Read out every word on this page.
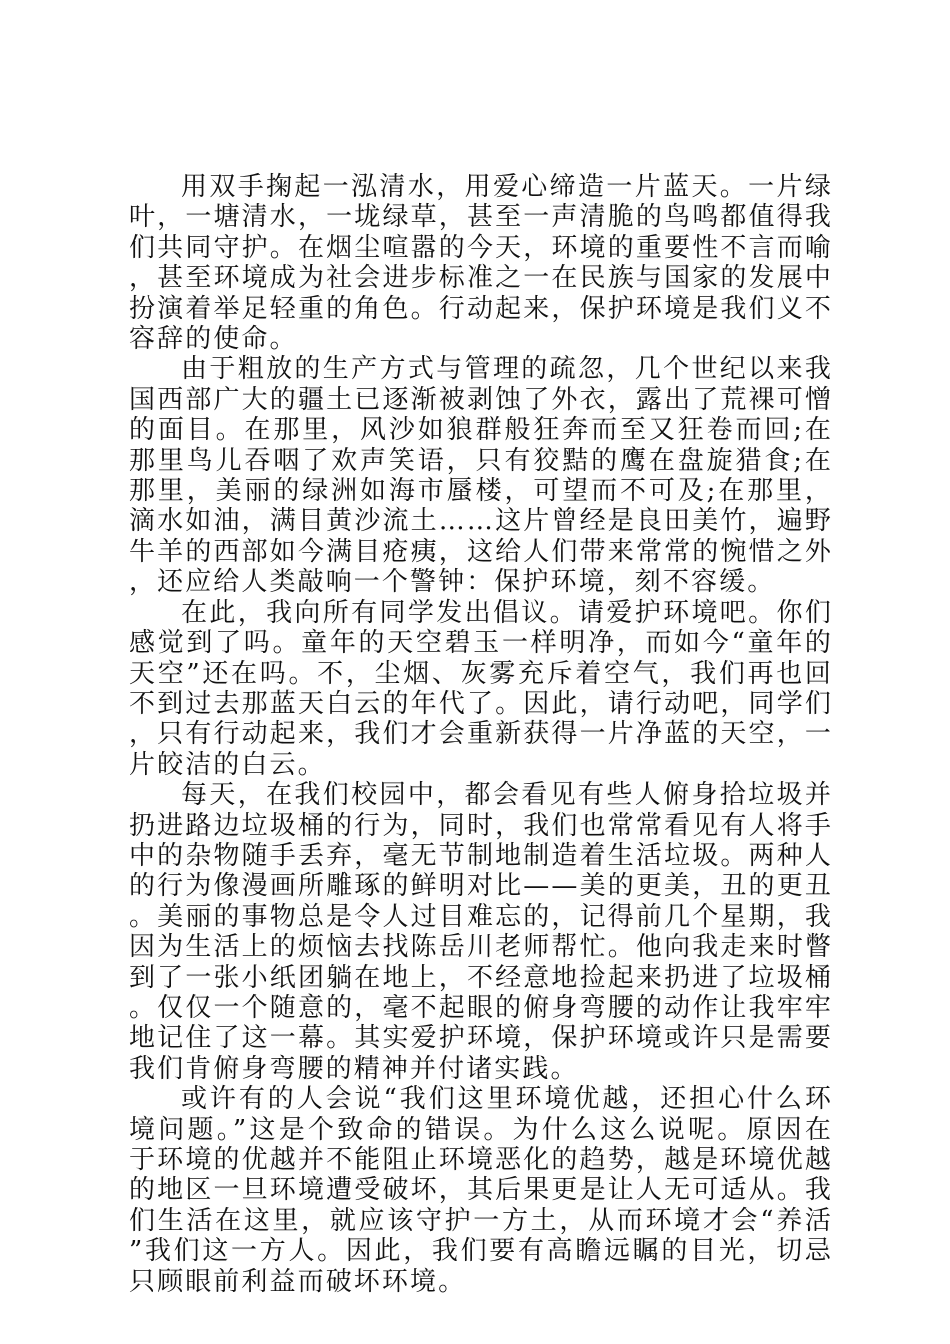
用双手掬起一泓清水，用爱心缔造一片蓝天。一片绿叶，一塘清水，一垅绿草，甚至一声清脆的鸟鸣都值得我们共同守护。在烟尘喧嚣的今天，环境的重要性不言而喻，甚至环境成为社会进步标准之一在民族与国家的发展中扮演着举足轻重的角色。行动起来，保护环境是我们义不容辞的使命。

由于粗放的生产方式与管理的疏忽，几个世纪以来我国西部广大的疆土已逐渐被剥蚀了外衣，露出了荒裸可憎的面目。在那里，风沙如狼群般狂奔而至又狂卷而回;在那里鸟儿吞咽了欢声笑语，只有狡黠的鹰在盘旋猎食;在那里，美丽的绿洲如海市蜃楼，可望而不可及;在那里，滴水如油，满目黄沙流土……这片曾经是良田美竹，遍野牛羊的西部如今满目疮痍，这给人们带来常常的惋惜之外，还应给人类敲响一个警钟：保护环境，刻不容缓。

在此，我向所有同学发出倡议。请爱护环境吧。你们感觉到了吗。童年的天空碧玉一样明净，而如今“童年的天空”还在吗。不，尘烟、灰雾充斥着空气，我们再也回不到过去那蓝天白云的年代了。因此，请行动吧，同学们，只有行动起来，我们才会重新获得一片净蓝的天空，一片皎洁的白云。

每天，在我们校园中，都会看见有些人俯身拾垃圾并扔进路边垃圾桶的行为，同时，我们也常常看见有人将手中的杂物随手丢弃，毫无节制地制造着生活垃圾。两种人的行为像漫画所雕琢的鲜明对比——美的更美，丑的更丑。美丽的事物总是令人过目难忘的，记得前几个星期，我因为生活上的烦恼去找陈岳川老师帮忙。他向我走来时瞥到了一张小纸团躺在地上，不经意地捡起来扔进了垃圾桶。仅仅一个随意的，毫不起眼的俯身弯腰的动作让我牢牢地记住了这一幕。其实爱护环境，保护环境或许只是需要我们肯俯身弯腰的精神并付诸实践。

或许有的人会说“我们这里环境优越，还担心什么环境问题。”这是个致命的错误。为什么这么说呢。原因在于环境的优越并不能阻止环境恶化的趋势，越是环境优越的地区一旦环境遭受破坏，其后果更是让人无可适从。我们生活在这里，就应该守护一方土，从而环境才会“养活”我们这一方人。因此，我们要有高瞻远瞩的目光，切忌只顾眼前利益而破坏环境。
